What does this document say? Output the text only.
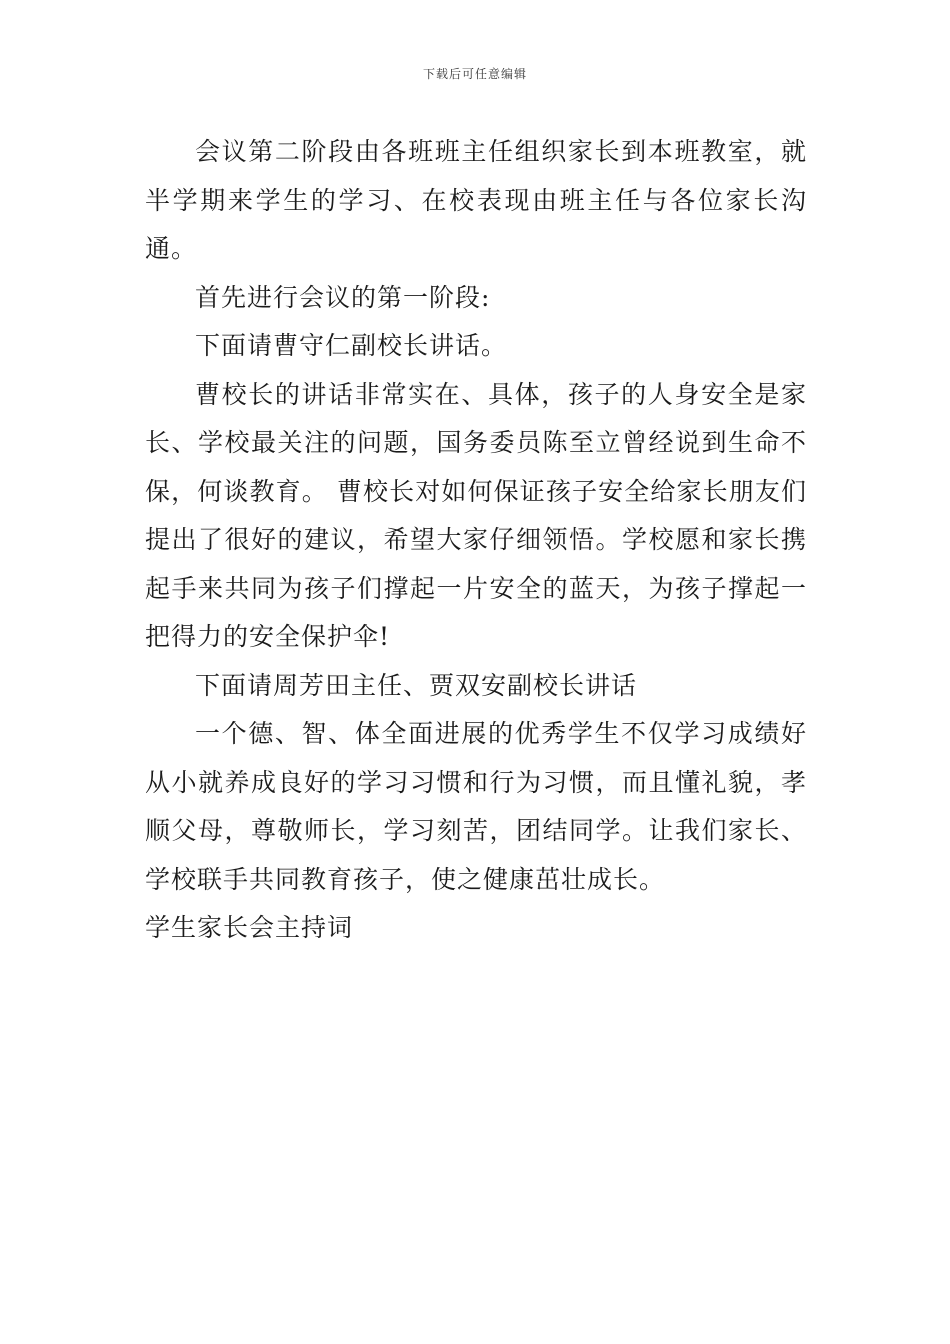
下载后可任意编辑

会议第二阶段由各班班主任组织家长到本班教室，就半学期来学生的学习、在校表现由班主任与各位家长沟通。

首先进行会议的第一阶段:

下面请曹守仁副校长讲话。

曹校长的讲话非常实在、具体，孩子的人身安全是家长、学校最关注的问题，国务委员陈至立曾经说到生命不保，何谈教育。 曹校长对如何保证孩子安全给家长朋友们提出了很好的建议，希望大家仔细领悟。学校愿和家长携起手来共同为孩子们撑起一片安全的蓝天，为孩子撑起一把得力的安全保护伞!

下面请周芳田主任、贾双安副校长讲话

一个德、智、体全面进展的优秀学生不仅学习成绩好从小就养成良好的学习习惯和行为习惯，而且懂礼貌，孝顺父母，尊敬师长，学习刻苦，团结同学。让我们家长、学校联手共同教育孩子，使之健康茁壮成长。

学生家长会主持词
